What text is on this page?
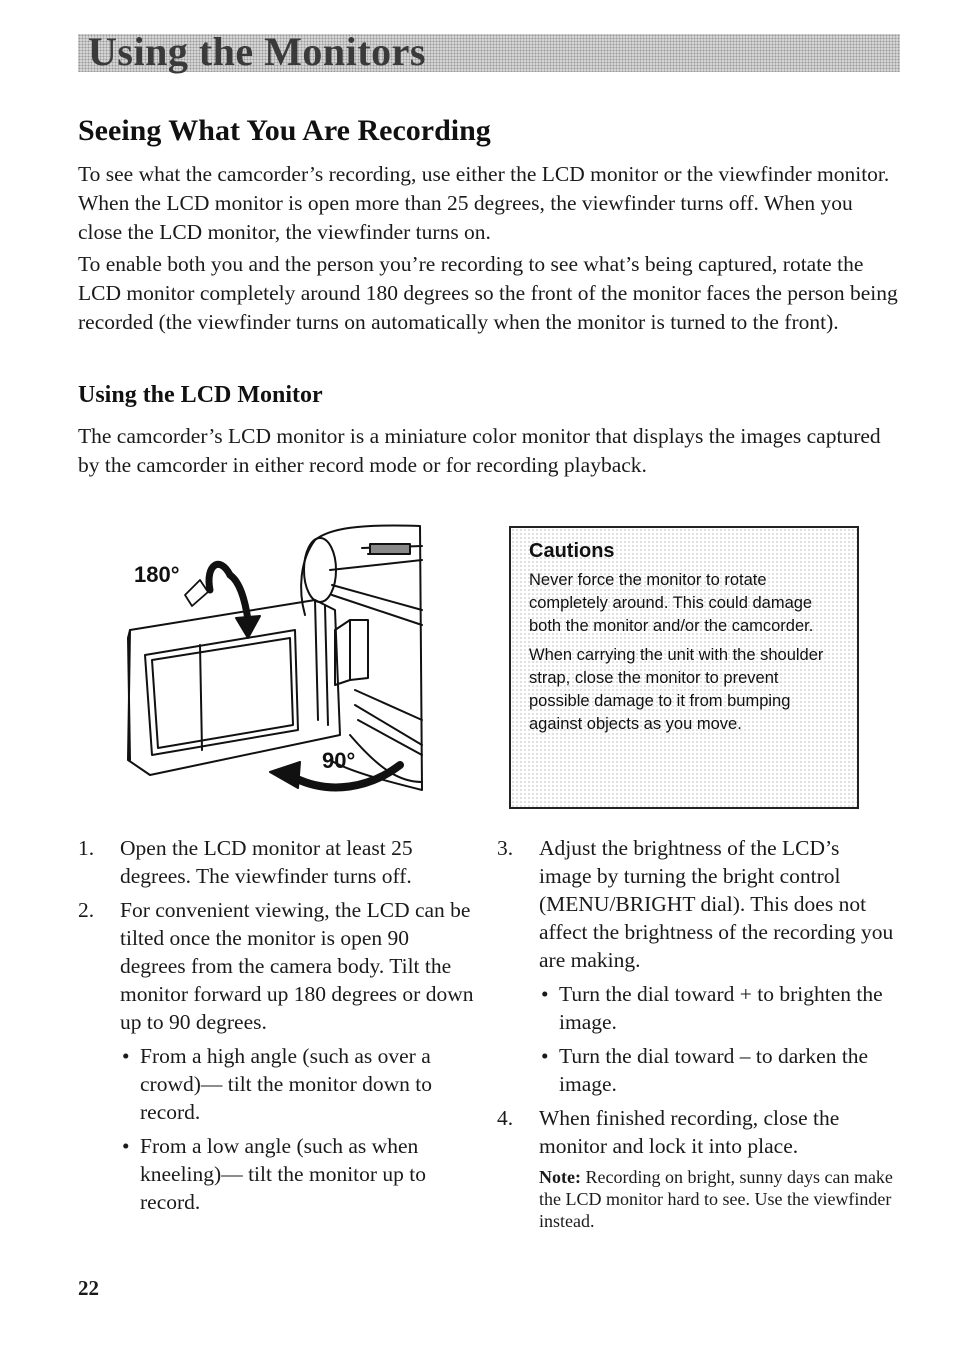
Using the Monitors
Seeing What You Are Recording
To see what the camcorder’s recording, use either the LCD monitor or the viewfinder monitor. When the LCD monitor is open more than 25 degrees, the viewfinder turns off. When you close the LCD monitor, the viewfinder turns on.
To enable both you and the person you’re recording to see what’s being captured, rotate the LCD monitor completely around 180 degrees so the front of the monitor faces the person being recorded (the viewfinder turns on automatically when the monitor is turned to the front).
Using the LCD Monitor
The camcorder’s LCD monitor is a miniature color monitor that displays the images captured by the camcorder in either record mode or for recording playback.
180°
90°
Cautions

Never force the monitor to rotate completely around. This could damage both the monitor and/or the camcorder.

When carrying the unit with the shoulder strap, close the monitor to prevent possible damage to it from bumping against objects as you move.

1.	Open the LCD monitor at least 25 degrees. The viewfinder turns off.
2.	For convenient viewing, the LCD can be tilted once the monitor is open 90 degrees from the camera body. Tilt the monitor forward up 180 degrees or down up to 90 degrees.
• From a high angle (such as over a crowd)— tilt the monitor down to record.
• From a low angle (such as when kneeling)— tilt the monitor up to record.
3.	Adjust the brightness of the LCD’s image by turning the bright control (MENU/BRIGHT dial). This does not affect the brightness of the recording you are making.
• Turn the dial toward + to brighten the image.
• Turn the dial toward – to darken the image.
4.	When finished recording, close the monitor and lock it into place.
Note: Recording on bright, sunny days can make the LCD monitor hard to see. Use the viewfinder instead.
22
